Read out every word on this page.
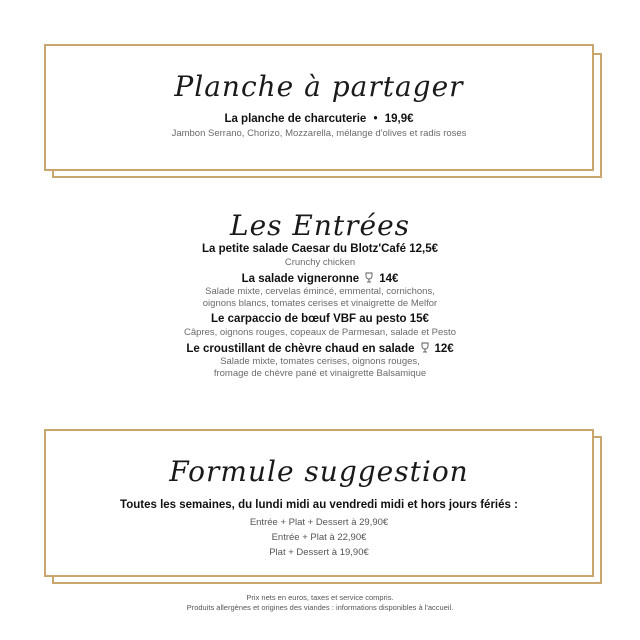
Planche à partager
La planche de charcuterie • 19,9€
Jambon Serrano, Chorizo, Mozzarella, mélange d'olives et radis roses
Les Entrées
La petite salade Caesar du Blotz'Café 12,5€
Crunchy chicken
La salade vigneronne 14€
Salade mixte, cervelas émincé, emmental, cornichons,
oignons blancs, tomates cerises et vinaigrette de Melfor
Le carpaccio de bœuf VBF au pesto 15€
Câpres, oignons rouges, copeaux de Parmesan, salade et Pesto
Le croustillant de chèvre chaud en salade 12€
Salade mixte, tomates cerises, oignons rouges,
fromage de chèvre pané et vinaigrette Balsamique
Formule suggestion
Toutes les semaines, du lundi midi au vendredi midi et hors jours fériés :
Entrée + Plat + Dessert à 29,90€
Entrée + Plat à 22,90€
Plat + Dessert à 19,90€
Prix nets en euros, taxes et service compris.
Produits allergènes et origines des viandes : informations disponibles à l'accueil.
